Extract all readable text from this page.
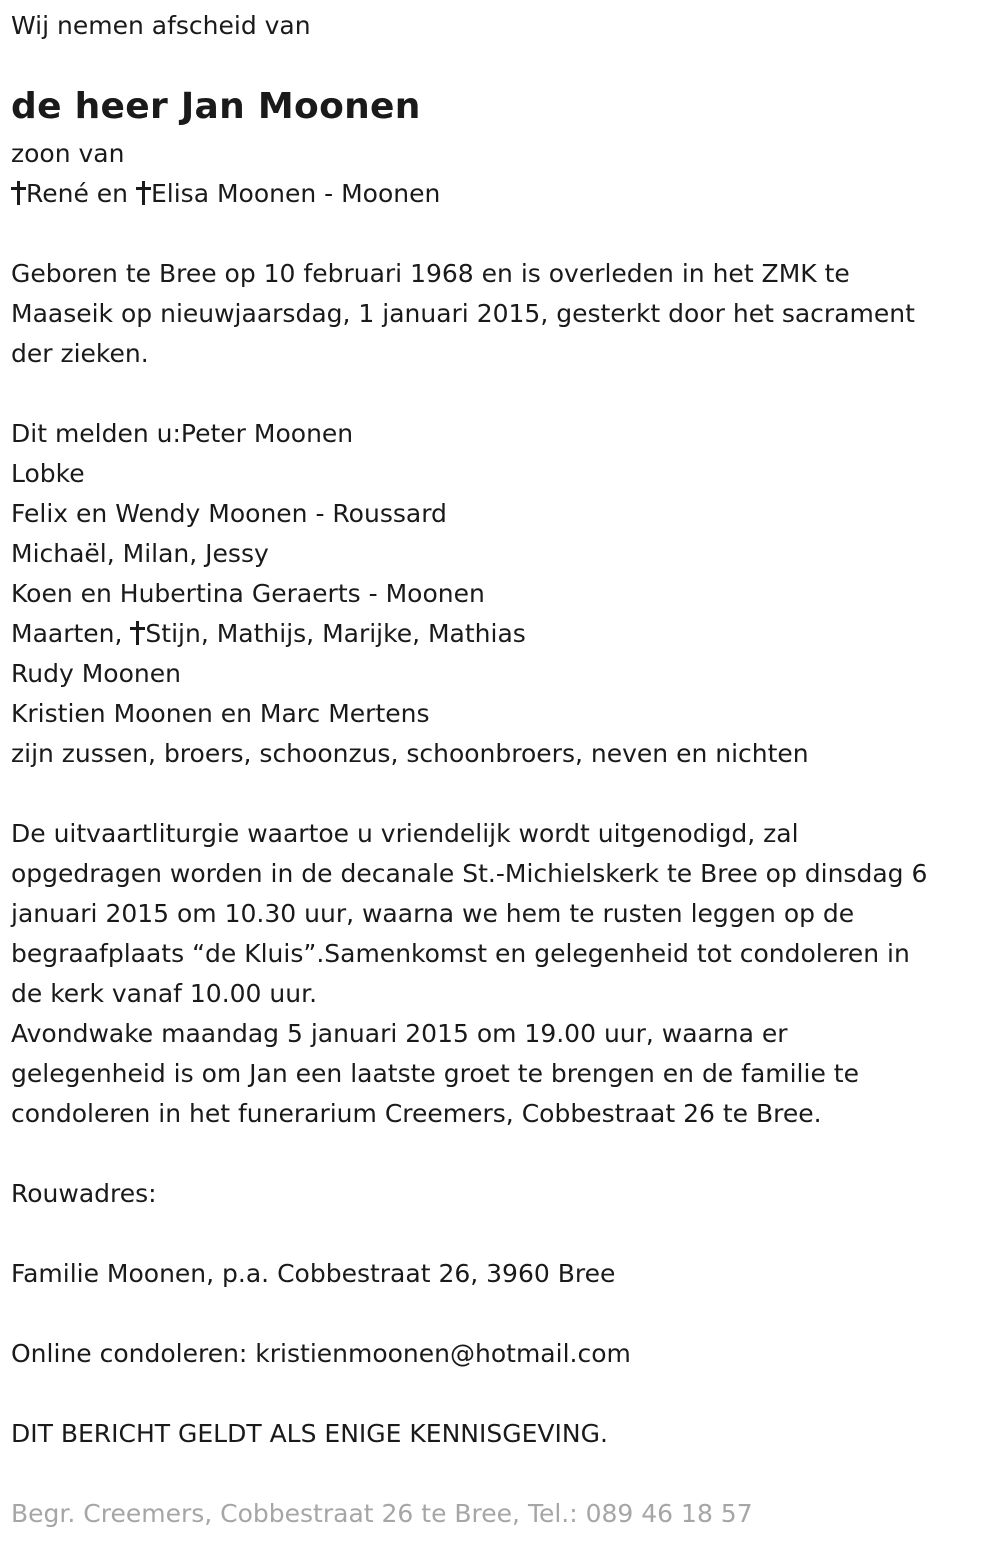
Wij nemen afscheid van

de heer Jan Moonen

zoon van

René en Elisa Moonen - Moonen

Geboren te Bree op 10 februari 1968 en is overleden in het ZMK te

Maaseik op nieuwjaarsdag, 1 januari 2015, gesterkt door het sacrament

der zieken.

Dit melden u:Peter Moonen

Lobke

Felix en Wendy Moonen - Roussard

Michaël, Milan, Jessy

Koen en Hubertina Geraerts - Moonen

Maarten, Stijn, Mathijs, Marijke, Mathias

Rudy Moonen

Kristien Moonen en Marc Mertens

zijn zussen, broers, schoonzus, schoonbroers, neven en nichten

De uitvaartliturgie waartoe u vriendelijk wordt uitgenodigd, zal

opgedragen worden in de decanale St.-Michielskerk te Bree op dinsdag 6

januari 2015 om 10.30 uur, waarna we hem te rusten leggen op de

begraafplaats “de Kluis”.Samenkomst en gelegenheid tot condoleren in

de kerk vanaf 10.00 uur.

Avondwake maandag 5 januari 2015 om 19.00 uur, waarna er

gelegenheid is om Jan een laatste groet te brengen en de familie te

condoleren in het funerarium Creemers, Cobbestraat 26 te Bree.

Rouwadres:

Familie Moonen, p.a. Cobbestraat 26, 3960 Bree

Online condoleren: kristienmoonen@hotmail.com

DIT BERICHT GELDT ALS ENIGE KENNISGEVING.

Begr. Creemers, Cobbestraat 26 te Bree, Tel.: 089 46 18 57
